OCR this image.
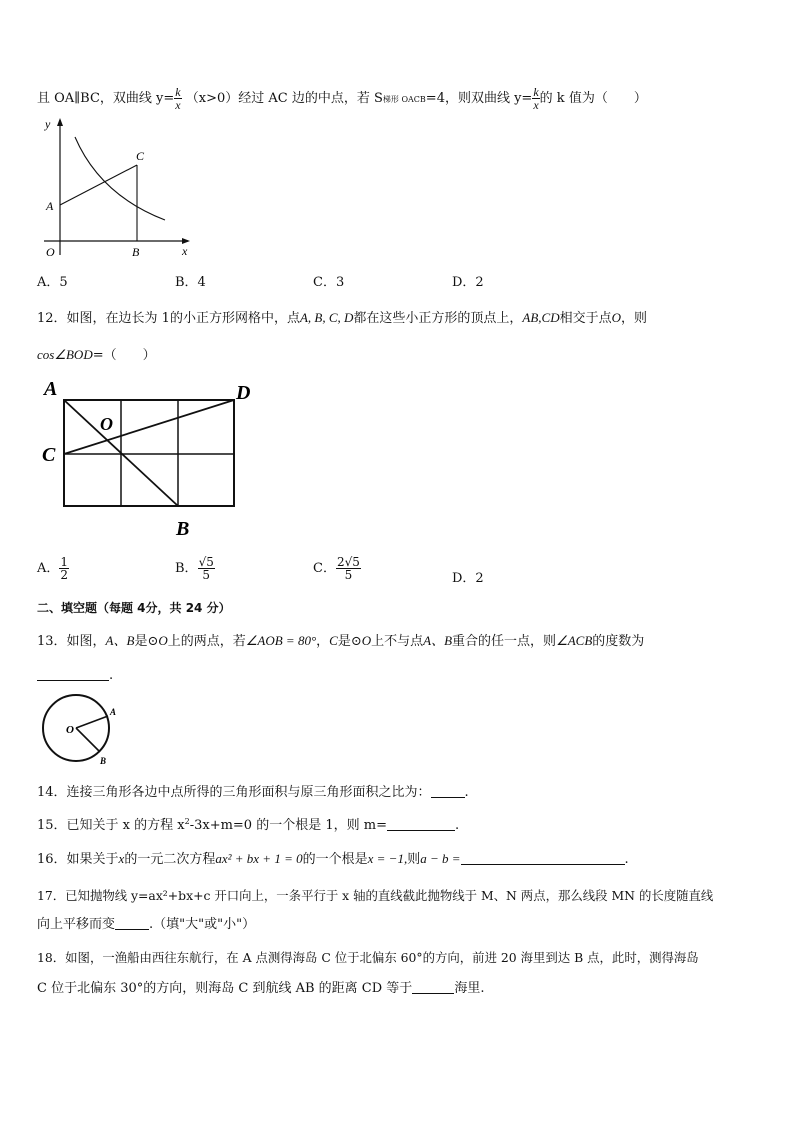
且 OA∥BC，双曲线 $y= \frac{k}{x} (x>0)$经过 AC 边的中点，若 S梯形 OACB=4，则双曲线 $y= \frac{k}{x}$ 的 k 值为（　　）
y
x
O
A
B
C
A．5	B．4	C．3	D．2
12．如图，在边长为 1的小正方形网格中，点A, B, C, D都在这些小正方形的顶点上，AB,CD相交于点O，则
cos∠BOD=（　　）
A	D
C
O
B
A． $\frac{1}{2}$	B． $\frac{√5}{5}$	C． $\frac{2√5}{5}$	D．2
二、填空题（每题 4分，共 24 分）
13．如图，A、B是⊙O上的两点，若∠AOB = 80°，C是⊙O上不与点A、B重合的任一点，则∠ACB的度数为
.
O
A
B
14．连接三角形各边中点所得的三角形面积与原三角形面积之比为：	.
15．已知关于 x 的方程 $x^2-3x+m=0$ 的一个根是 1，则 m=	.
16．如果关于x的一元二次方程ax² + bx + 1 = 0的一个根是x = −1,则a − b =	.
17．已知抛物线 y=ax²+bx+c 开口向上，一条平行于 x 轴的直线截此抛物线于 M、N 两点，那么线段 MN 的长度随直线
向上平移而变	.（填"大"或"小"）
18．如图，一渔船由西往东航行，在 A 点测得海岛 C 位于北偏东 60°的方向，前进 20 海里到达 B 点，此时，测得海岛
C 位于北偏东 30°的方向，则海岛 C 到航线 AB 的距离 CD 等于	海里.
